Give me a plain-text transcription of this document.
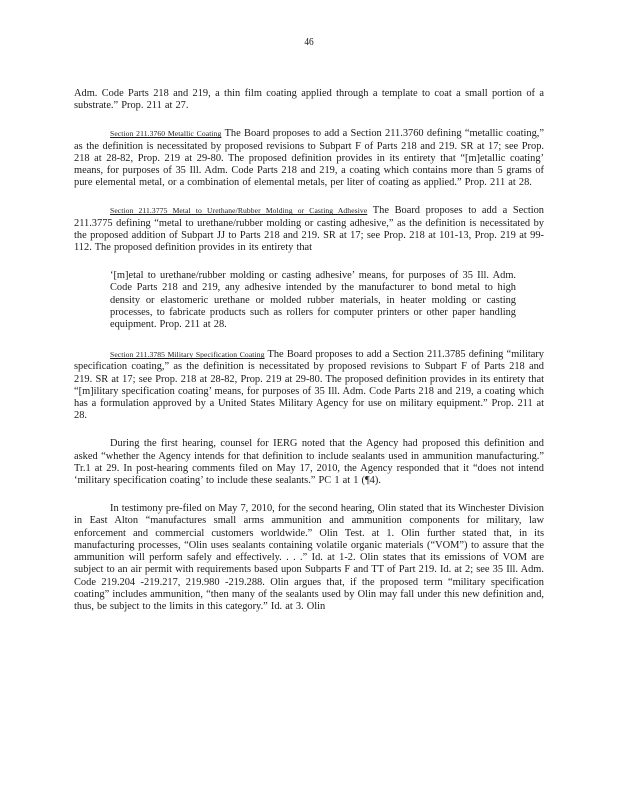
46

Adm. Code Parts 218 and 219, a thin film coating applied through a template to coat a small portion of a substrate.” Prop. 211 at 27.

Section 211.3760 Metallic Coating The Board proposes to add a Section 211.3760 defining “metallic coating,” as the definition is necessitated by proposed revisions to Subpart F of Parts 218 and 219. SR at 17; see Prop. 218 at 28-82, Prop. 219 at 29-80. The proposed definition provides in its entirety that “[m]etallic coating’ means, for purposes of 35 Ill. Adm. Code Parts 218 and 219, a coating which contains more than 5 grams of pure elemental metal, or a combination of elemental metals, per liter of coating as applied.” Prop. 211 at 28.

Section 211.3775 Metal to Urethane/Rubber Molding or Casting Adhesive The Board proposes to add a Section 211.3775 defining “metal to urethane/rubber molding or casting adhesive,” as the definition is necessitated by the proposed addition of Subpart JJ to Parts 218 and 219. SR at 17; see Prop. 218 at 101-13, Prop. 219 at 99-112. The proposed definition provides in its entirety that

‘[m]etal to urethane/rubber molding or casting adhesive’ means, for purposes of 35 Ill. Adm. Code Parts 218 and 219, any adhesive intended by the manufacturer to bond metal to high density or elastomeric urethane or molded rubber materials, in heater molding or casting processes, to fabricate products such as rollers for computer printers or other paper handling equipment. Prop. 211 at 28.

Section 211.3785 Military Specification Coating The Board proposes to add a Section 211.3785 defining “military specification coating,” as the definition is necessitated by proposed revisions to Subpart F of Parts 218 and 219. SR at 17; see Prop. 218 at 28-82, Prop. 219 at 29-80. The proposed definition provides in its entirety that “[m]ilitary specification coating’ means, for purposes of 35 Ill. Adm. Code Parts 218 and 219, a coating which has a formulation approved by a United States Military Agency for use on military equipment.” Prop. 211 at 28.

During the first hearing, counsel for IERG noted that the Agency had proposed this definition and asked “whether the Agency intends for that definition to include sealants used in ammunition manufacturing.” Tr.1 at 29. In post-hearing comments filed on May 17, 2010, the Agency responded that it “does not intend ‘military specification coating’ to include these sealants.” PC 1 at 1 (¶4).

In testimony pre-filed on May 7, 2010, for the second hearing, Olin stated that its Winchester Division in East Alton “manufactures small arms ammunition and ammunition components for military, law enforcement and commercial customers worldwide.” Olin Test. at 1. Olin further stated that, in its manufacturing processes, “Olin uses sealants containing volatile organic materials (“VOM”) to assure that the ammunition will perform safely and effectively. . . .” Id. at 1-2. Olin states that its emissions of VOM are subject to an air permit with requirements based upon Subparts F and TT of Part 219. Id. at 2; see 35 Ill. Adm. Code 219.204 -219.217, 219.980 -219.288. Olin argues that, if the proposed term “military specification coating” includes ammunition, “then many of the sealants used by Olin may fall under this new definition and, thus, be subject to the limits in this category.” Id. at 3. Olin
